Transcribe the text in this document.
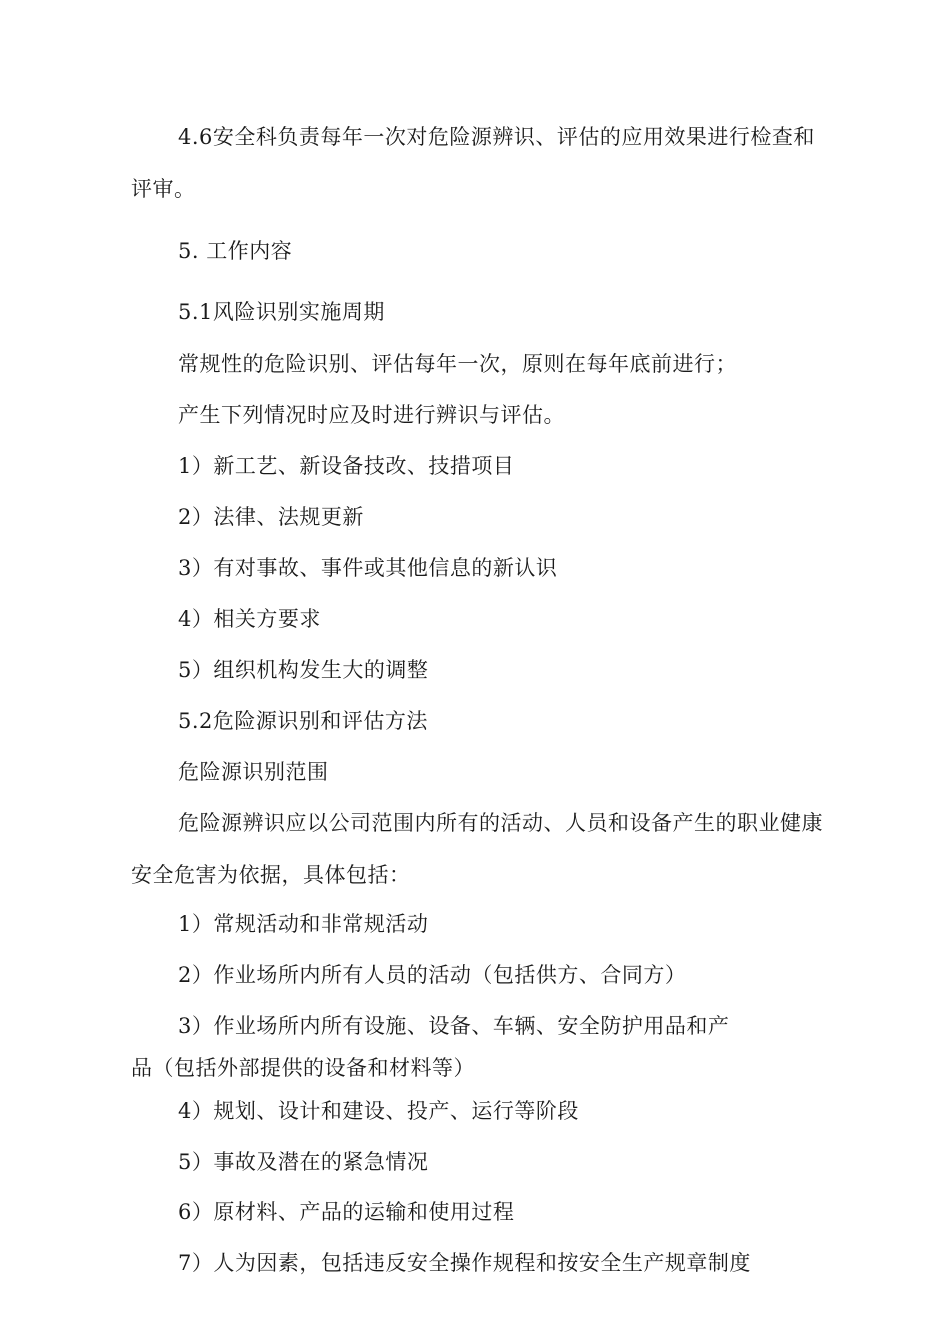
4.6安全科负责每年一次对危险源辨识、评估的应用效果进行检查和
评审。
5. 工作内容
5.1风险识别实施周期
常规性的危险识别、评估每年一次，原则在每年底前进行；
产生下列情况时应及时进行辨识与评估。
1）新工艺、新设备技改、技措项目
2）法律、法规更新
3）有对事故、事件或其他信息的新认识
4）相关方要求
5）组织机构发生大的调整
5.2危险源识别和评估方法
危险源识别范围
危险源辨识应以公司范围内所有的活动、人员和设备产生的职业健康
安全危害为依据，具体包括：
1）常规活动和非常规活动
2）作业场所内所有人员的活动（包括供方、合同方）
3）作业场所内所有设施、设备、车辆、安全防护用品和产
品（包括外部提供的设备和材料等）
4）规划、设计和建设、投产、运行等阶段
5）事故及潜在的紧急情况
6）原材料、产品的运输和使用过程
7）人为因素，包括违反安全操作规程和按安全生产规章制度
